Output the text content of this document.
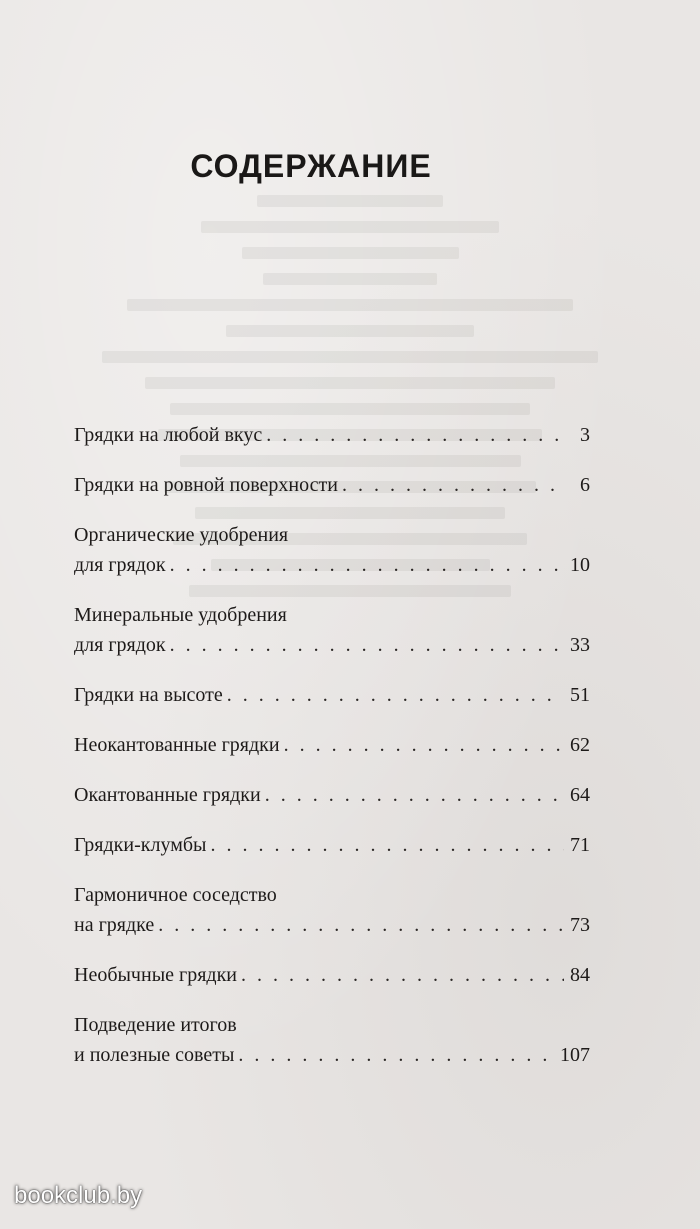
СОДЕРЖАНИЕ
Грядки на любой вкус . . .	3
Грядки на ровной поверхности . . .	6
Органические удобрения
для грядок . . .	10
Минеральные удобрения
для грядок . . .	33
Грядки на высоте . . .	51
Неокантованные грядки . . .	62
Окантованные грядки . . .	64
Грядки-клумбы . . .	71
Гармоничное соседство
на грядке . . .	73
Необычные грядки . . .	84
Подведение итогов
и полезные советы . . .	107
bookclub.by
